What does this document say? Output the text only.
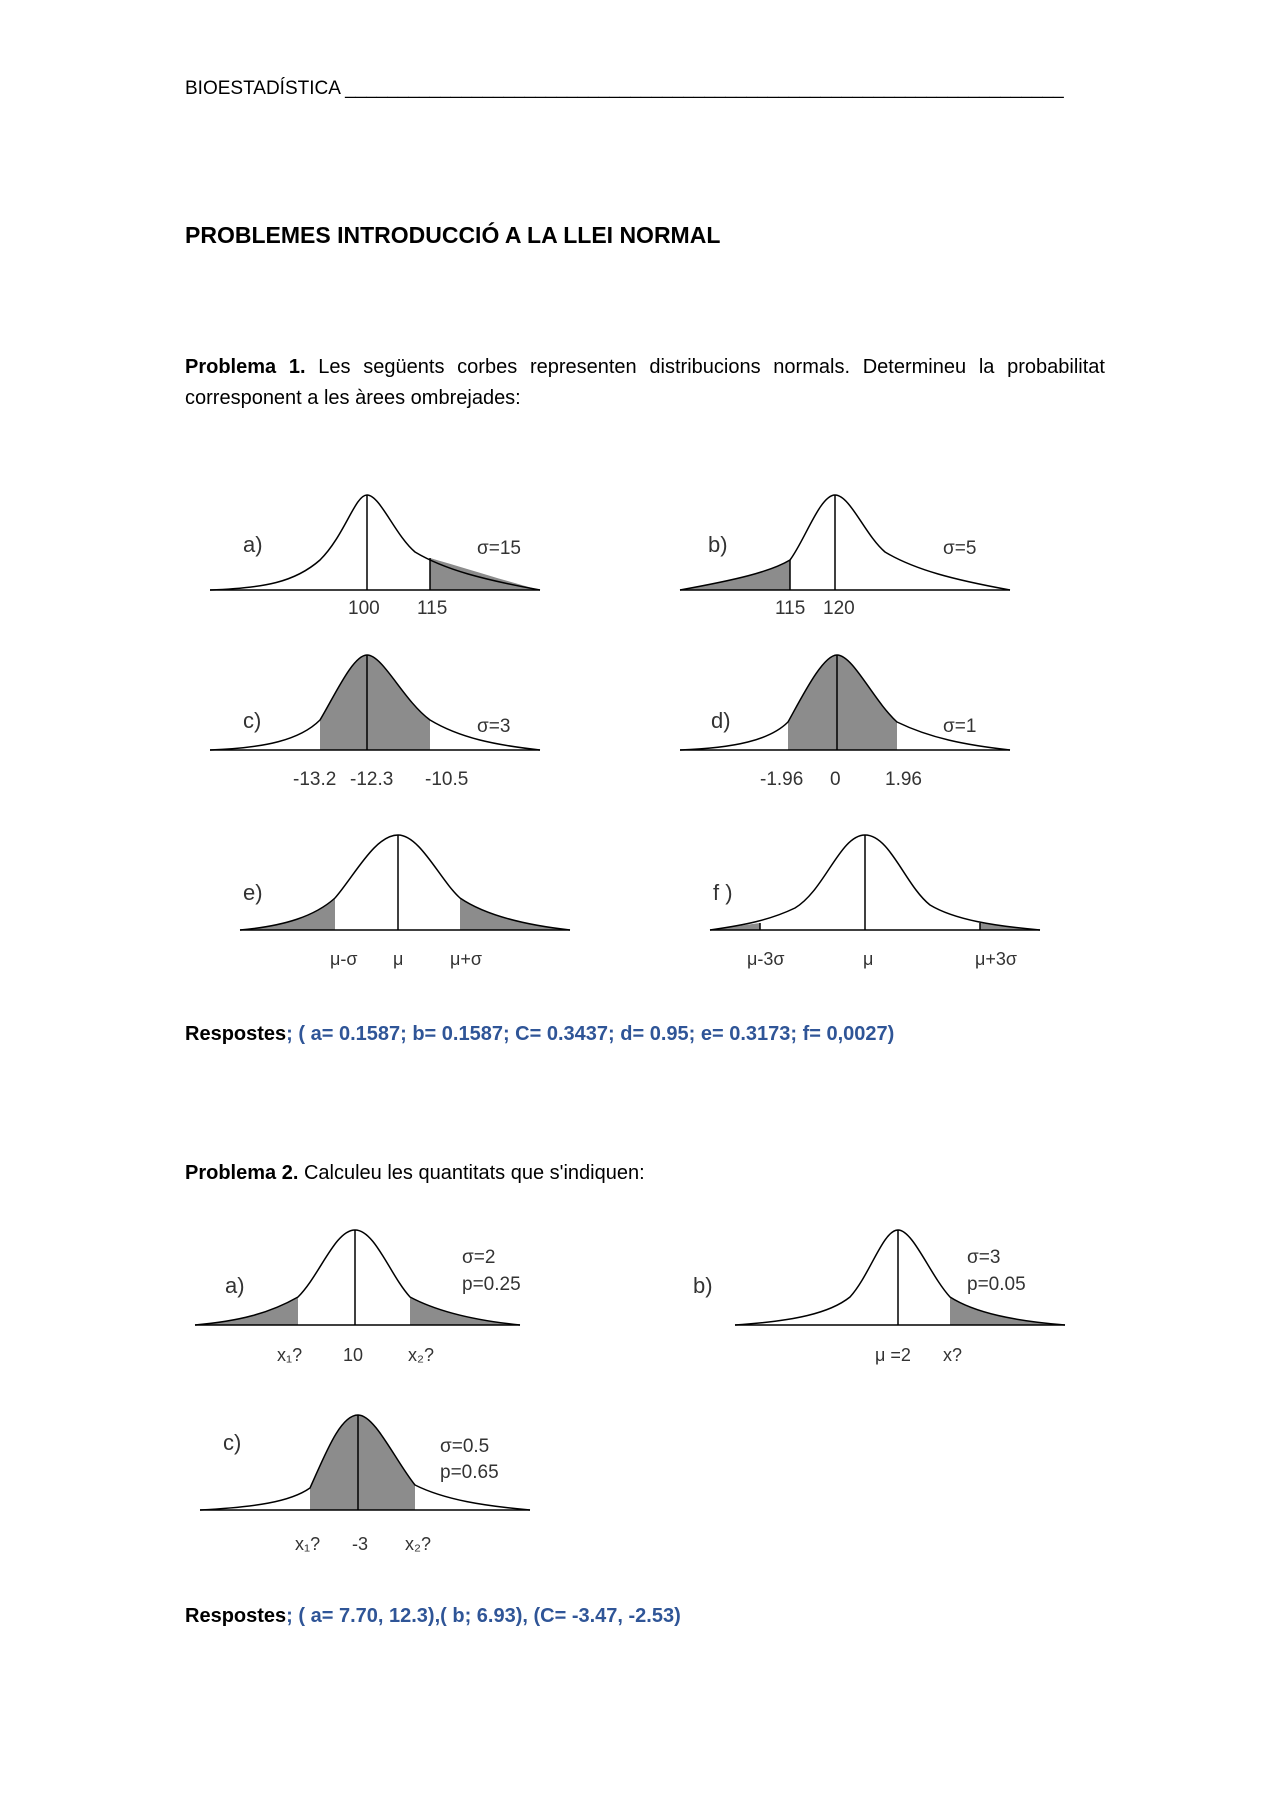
BIOESTADÍSTICA ____________________________________________________________________
PROBLEMES INTRODUCCIÓ A LA LLEI NORMAL
Problema 1. Les següents corbes representen distribucions normals. Determineu la probabilitat corresponent a les àrees ombrejades:
a)	σ=15
100 115
b)	σ=5
115 120
c)	σ=3
-13.2 -12.3 -10.5
d)	σ=1
-1.96 0 1.96
e)
μ-σ μ	μ+σ
f )
μ-3σ	μ	μ+3σ
Respostes; ( a= 0.1587; b= 0.1587; C= 0.3437; d= 0.95; e= 0.3173; f= 0,0027)
Problema 2. Calculeu les quantitats que s'indiquen:
a)
σ=2
p=0.25
x₁? 10 x₂?
b)
σ=3
p=0.05
μ =2 x?
c)	σ=0.5
p=0.65
x₁? -3 x₂?
Respostes; ( a= 7.70, 12.3),( b; 6.93), (C= -3.47, -2.53)
